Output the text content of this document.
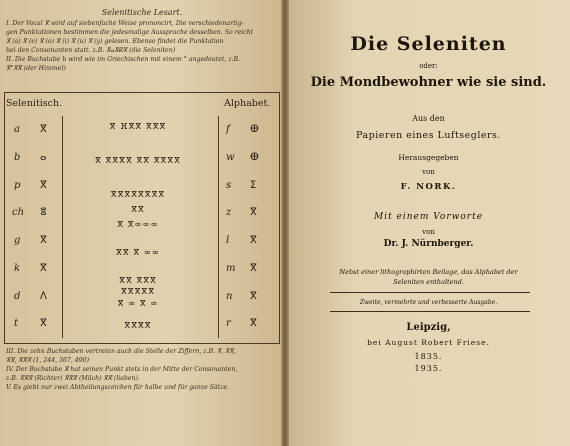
Selenitische Lesart.
I. Der Vocal ⴳ wird auf siebenfache Weise prononcirt, Die verschiedenartig-
gen Punktationen bestimmen die jedesmalige Aussprache desselben. So reicht
ⴳ (a) ⴳ (e) ⴳ (o) ⴳ (i) ⴳ (u) ⴳ (y) gelesen. Ebenso findet die Punktation
bei den Consonanten statt. z.B. ⴳⴰⴳⴽⴳ (die Seleniten)
II. Die Buchstabe b wird wie im Griechischen mit einem ° angedeutet, z.B.
ⴳ°ⴳⴳ (der Himmel)
Selenitisch.	Alphabet.
a
b
p
ch
g
k
d
t
ⴳ
ⴰ
ⴳ
ⴻ
ⴳ
ⴳ
ⴷ
ⴳ
ⴳ ⴼⴳⴳ ⴳⴳⴳ
ⴳ ⴳⴳⴳⴳ ⴳⴳ ⴳⴳⴳⴳ
ⴳⴳⴳⴳⴳⴳⴳⴳ
ⴳⴳ
ⴳ ⴳ∞∞∞
ⴳⴳ ⴳ ∞∞
ⴳⴳ ⴳⴳⴳ
ⴳⴳⴳⴳⴳ
ⴳ ∞ ⴳ ∞
ⴳⴳⴳⴳ
f
w
s
z
l
m
n
r
ⴲ
ⴲ
ⵉ
ⴳ
ⴳ
ⴳ
ⴳ
ⴳ
III. Die zehn Buchstaben vertreten auch die Stelle der Ziffern, z.B. ⴳ, ⴳⴳ,
ⴳⴳ, ⴳⴳⴳ (1, 244, 367, 490)
IV. Der Buchstabe ⴳ hat seinen Punkt stets in der Mitte der Consonanten,
z.B. ⴳⴳⴳ (Richter) ⴳⴳⴳ (Milch) ⴳⴳ (lieben).
V. Es giebt nur zwei Abtheilungszeichen für halbe und für ganze Sätze.
Die Seleniten
oder:
Die Mondbewohner wie sie sind.
Aus den
Papieren eines Luftseglers.
Herausgegeben
von
F. NORK.
Mit einem Vorworte
von
Dr. J. Nürnberger.
Nebst einer lithographirten Beilage, das Alphabet der
Seleniten enthaltend.
Zweite, vermehrte und verbesserte Ausgabe.
Leipzig,
bei August Robert Friese.
1835.
1935.
